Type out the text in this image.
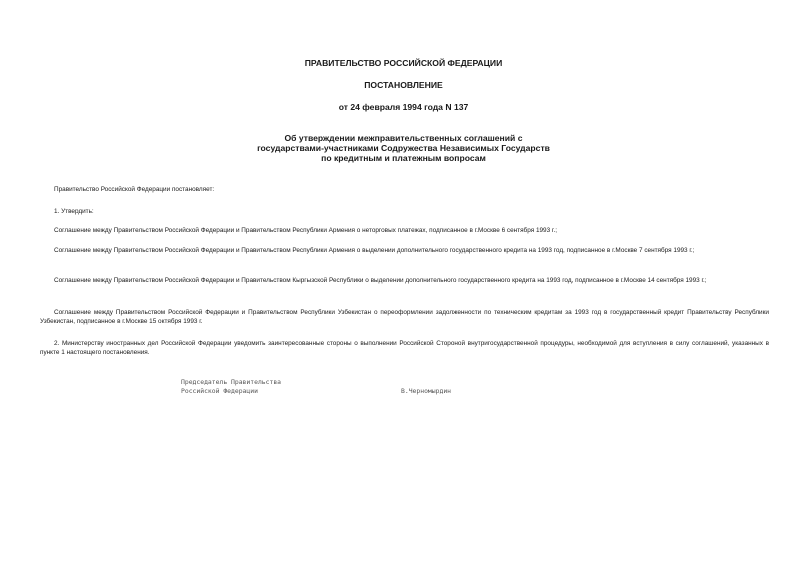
ПРАВИТЕЛЬСТВО РОССИЙСКОЙ ФЕДЕРАЦИИ
ПОСТАНОВЛЕНИЕ
от 24 февраля 1994 года N 137
Об утверждении межправительственных соглашений с
государствами-участниками Содружества Независимых Государств
по кредитным и платежным вопросам

Правительство Российской Федерации постановляет:

1. Утвердить:

Соглашение между Правительством Российской Федерации и Правительством Республики Армения о неторговых платежах, подписанное в г.Москве 6 сентября 1993 г.;

Соглашение между Правительством Российской Федерации и Правительством Республики Армения о выделении дополнительного государственного кредита на 1993 год, подписанное в г.Москве 7 сентября 1993 г.;

Соглашение между Правительством Российской Федерации и Правительством Кыргызской Республики о выделении дополнительного государственного кредита на 1993 год, подписанное в г.Москве 14 сентября 1993 г.;

Соглашение между Правительством Российской Федерации и Правительством Республики Узбекистан о переоформлении задолженности по техническим кредитам за 1993 год в государственный кредит Правительству Республики Узбекистан, подписанное в г.Москве 15 октября 1993 г.

2. Министерству иностранных дел Российской Федерации уведомить заинтересованные стороны о выполнении Российской Стороной внутригосударственной процедуры, необходимой для вступления в силу соглашений, указанных в пункте 1 настоящего постановления.

Председатель Правительства
Российской Федерации	В.Черномырдин
